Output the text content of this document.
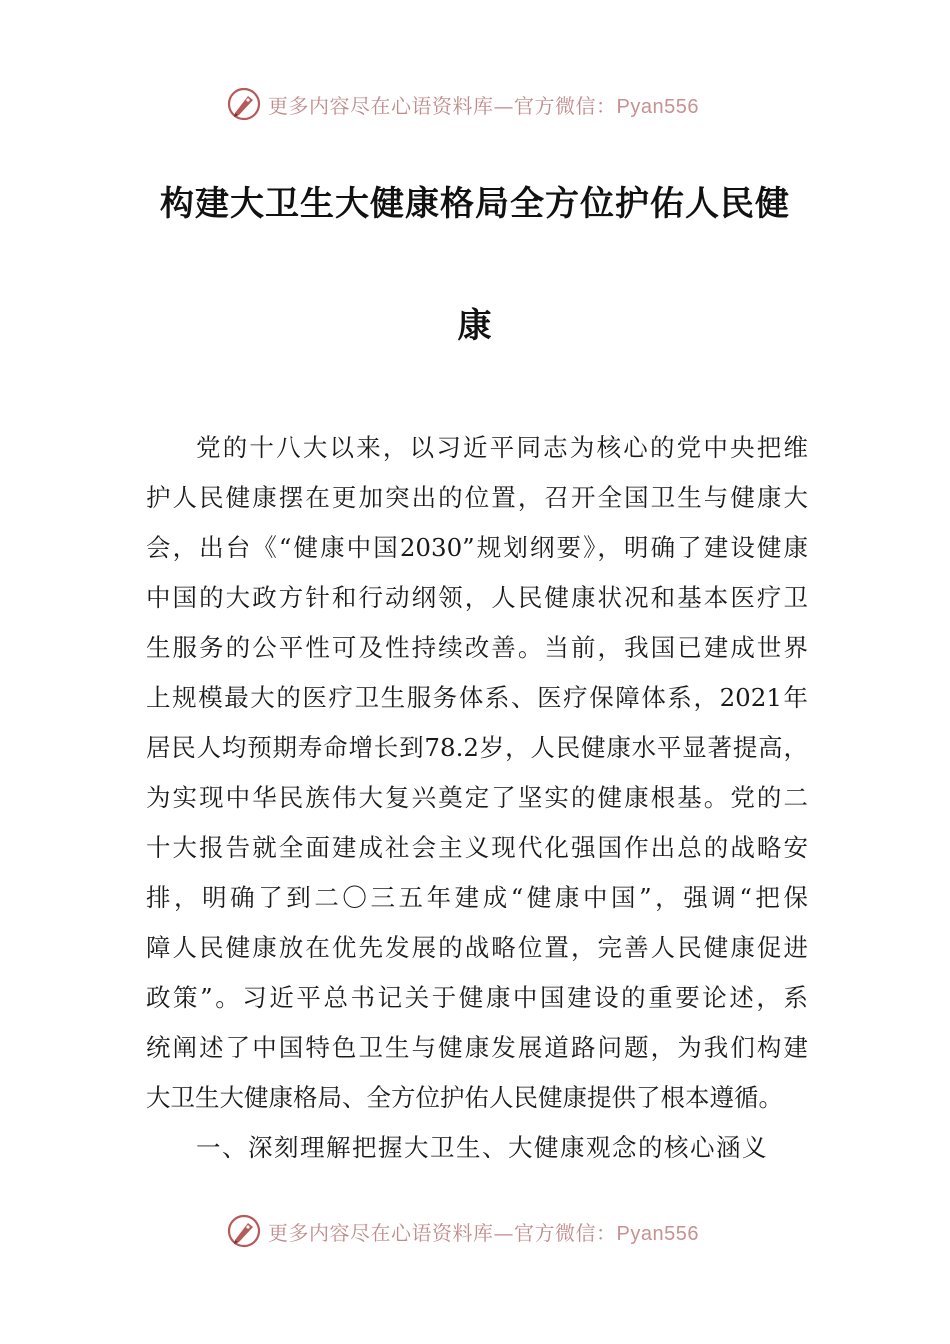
更多内容尽在心语资料库—官方微信：Pyan556
构建大卫生大健康格局全方位护佑人民健
康
党的十八大以来，以习近平同志为核心的党中央把维
护人民健康摆在更加突出的位置，召开全国卫生与健康大
会，出台《“健康中国2030”规划纲要》，明确了建设健康
中国的大政方针和行动纲领，人民健康状况和基本医疗卫
生服务的公平性可及性持续改善。当前，我国已建成世界
上规模最大的医疗卫生服务体系、医疗保障体系，2021年
居民人均预期寿命增长到78.2岁，人民健康水平显著提高，
为实现中华民族伟大复兴奠定了坚实的健康根基。党的二
十大报告就全面建成社会主义现代化强国作出总的战略安
排，明确了到二〇三五年建成“健康中国”，强调“把保
障人民健康放在优先发展的战略位置，完善人民健康促进
政策”。习近平总书记关于健康中国建设的重要论述，系
统阐述了中国特色卫生与健康发展道路问题，为我们构建
大卫生大健康格局、全方位护佑人民健康提供了根本遵循。
一、深刻理解把握大卫生、大健康观念的核心涵义
更多内容尽在心语资料库—官方微信：Pyan556
